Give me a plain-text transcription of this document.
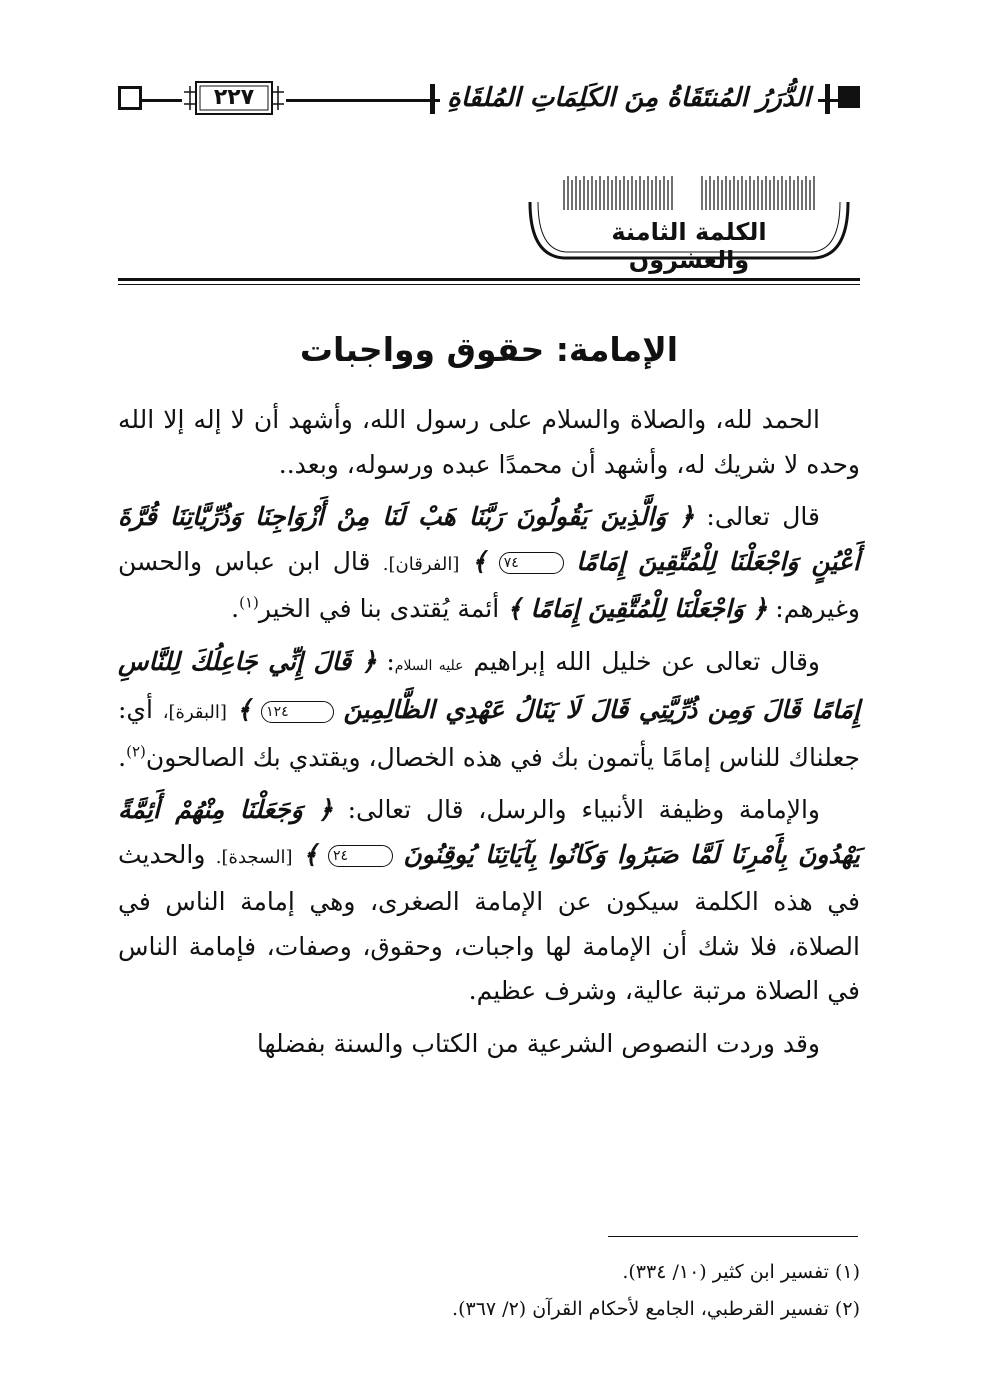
٢٢٧	الدُّرَرُ المُنتَقَاةُ مِنَ الكَلِمَاتِ المُلقَاةِ
الكلمة الثامنة والعشرون
الإمامة: حقوق وواجبات

الحمد لله، والصلاة والسلام على رسول الله، وأشهد أن لا إله إلا الله وحده لا شريك له، وأشهد أن محمدًا عبده ورسوله، وبعد..

قال تعالى: ﴿ وَالَّذِينَ يَقُولُونَ رَبَّنَا هَبْ لَنَا مِنْ أَزْوَاجِنَا وَذُرِّيَّاتِنَا قُرَّةَ أَعْيُنٍ وَاجْعَلْنَا لِلْمُتَّقِينَ إِمَامًا ٧٤ ﴾ [الفرقان]. قال ابن عباس والحسن وغيرهم: ﴿ وَاجْعَلْنَا لِلْمُتَّقِينَ إِمَامًا ﴾ أئمة يُقتدى بنا في الخير$^{(١)}$.

وقال تعالى عن خليل الله إبراهيم عليه السلام: ﴿ قَالَ إِنِّي جَاعِلُكَ لِلنَّاسِ إِمَامًا قَالَ وَمِن ذُرِّيَّتِي قَالَ لَا يَنَالُ عَهْدِي الظَّالِمِينَ ١٢٤ ﴾ [البقرة]، أي: جعلناك للناس إمامًا يأتمون بك في هذه الخصال، ويقتدي بك الصالحون$^{(٢)}$.

والإمامة وظيفة الأنبياء والرسل، قال تعالى: ﴿ وَجَعَلْنَا مِنْهُمْ أَئِمَّةً يَهْدُونَ بِأَمْرِنَا لَمَّا صَبَرُوا وَكَانُوا بِآيَاتِنَا يُوقِنُونَ ٢٤ ﴾ [السجدة]. والحديث في هذه الكلمة سيكون عن الإمامة الصغرى، وهي إمامة الناس في الصلاة، فلا شك أن الإمامة لها واجبات، وحقوق، وصفات، فإمامة الناس في الصلاة مرتبة عالية، وشرف عظيم.

وقد وردت النصوص الشرعية من الكتاب والسنة بفضلها

(١) تفسير ابن كثير (١٠/ ٣٣٤).
(٢) تفسير القرطبي، الجامع لأحكام القرآن (٢/ ٣٦٧).
